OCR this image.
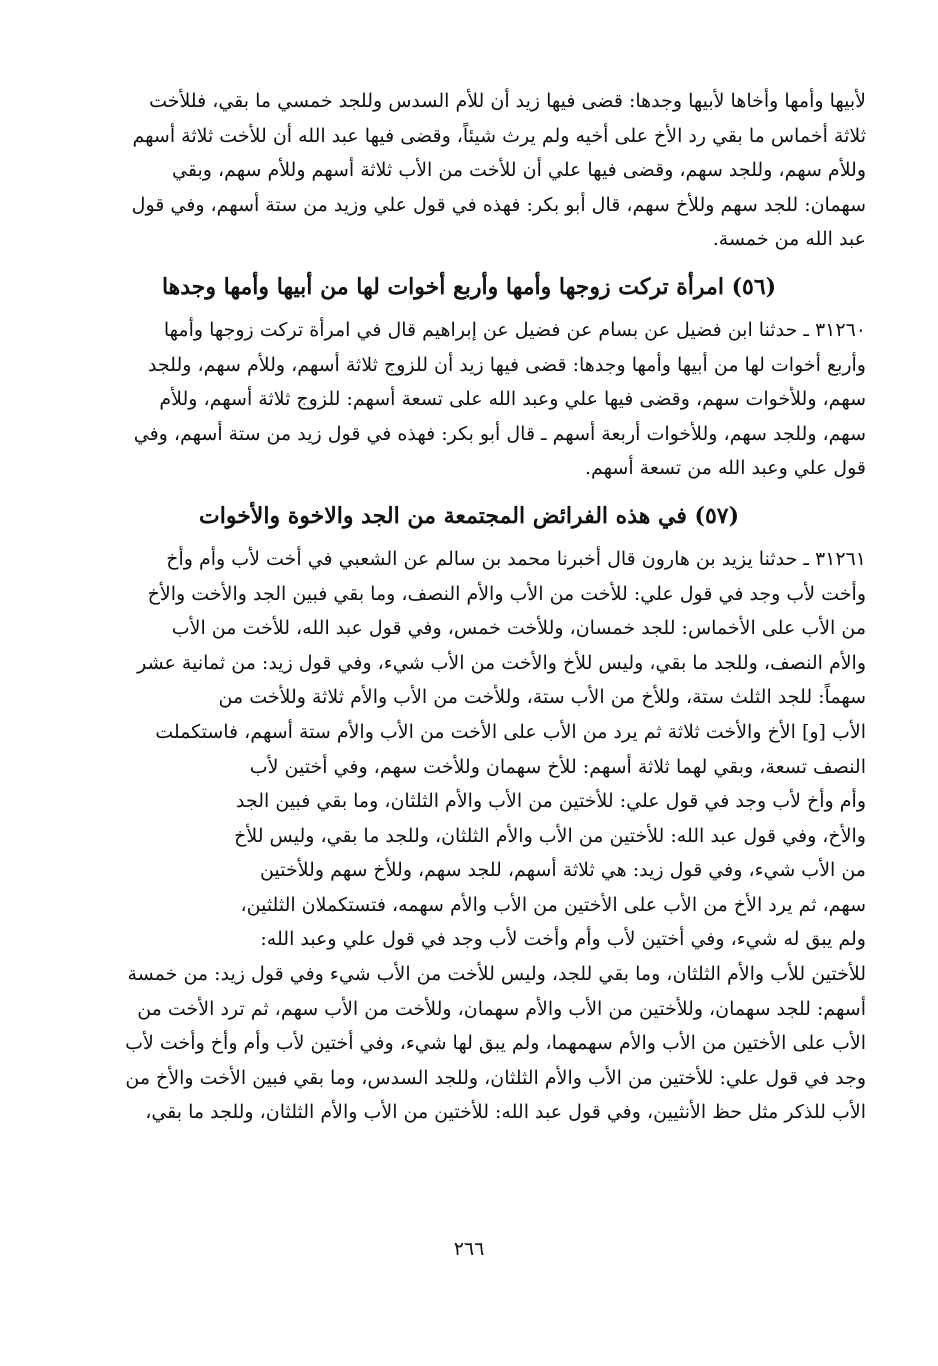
لأبيها وأمها وأخاها لأبيها وجدها: قضى فيها زيد أن للأم السدس وللجد خمسي ما بقي، فللأخت
ثلاثة أخماس ما بقي رد الأخ على أخيه ولم يرث شيئاً، وقضى فيها عبد الله أن للأخت ثلاثة أسهم
وللأم سهم، وللجد سهم، وقضى فيها علي أن للأخت من الأب ثلاثة أسهم وللأم سهم، وبقي
سهمان: للجد سهم وللأخ سهم، قال أبو بكر: فهذه في قول علي وزيد من ستة أسهم، وفي قول
عبد الله من خمسة.
(٥٦) امرأة تركت زوجها وأمها وأربع أخوات لها من أبيها وأمها وجدها
٣١٢٦٠ ـ حدثنا ابن فضيل عن بسام عن فضيل عن إبراهيم قال في امرأة تركت زوجها وأمها
وأربع أخوات لها من أبيها وأمها وجدها: قضى فيها زيد أن للزوج ثلاثة أسهم، وللأم سهم، وللجد
سهم، وللأخوات سهم، وقضى فيها علي وعبد الله على تسعة أسهم: للزوج ثلاثة أسهم، وللأم
سهم، وللجد سهم، وللأخوات أربعة أسهم ـ قال أبو بكر: فهذه في قول زيد من ستة أسهم، وفي
قول علي وعبد الله من تسعة أسهم.
(٥٧) في هذه الفرائض المجتمعة من الجد والاخوة والأخوات
٣١٢٦١ ـ حدثنا يزيد بن هارون قال أخبرنا محمد بن سالم عن الشعبي في أخت لأب وأم وأخ
وأخت لأب وجد في قول علي: للأخت من الأب والأم النصف، وما بقي فبين الجد والأخت والأخ
من الأب على الأخماس: للجد خمسان، وللأخت خمس، وفي قول عبد الله، للأخت من الأب
والأم النصف، وللجد ما بقي، وليس للأخ والأخت من الأب شيء، وفي قول زيد: من ثمانية عشر
سهماً: للجد الثلث ستة، وللأخ من الأب ستة، وللأخت من الأب والأم ثلاثة وللأخت من
الأب [و] الأخ والأخت ثلاثة ثم يرد من الأب على الأخت من الأب والأم ستة أسهم، فاستكملت
النصف تسعة، وبقي لهما ثلاثة أسهم: للأخ سهمان وللأخت سهم، وفي أختين لأب
وأم وأخ لأب وجد في قول علي: للأختين من الأب والأم الثلثان، وما بقي فبين الجد
والأخ، وفي قول عبد الله: للأختين من الأب والأم الثلثان، وللجد ما بقي، وليس للأخ
من الأب شيء، وفي قول زيد: هي ثلاثة أسهم، للجد سهم، وللأخ سهم وللأختين
سهم، ثم يرد الأخ من الأب على الأختين من الأب والأم سهمه، فتستكملان الثلثين،
ولم يبق له شيء، وفي أختين لأب وأم وأخت لأب وجد في قول علي وعبد الله:
للأختين للأب والأم الثلثان، وما بقي للجد، وليس للأخت من الأب شيء وفي قول زيد: من خمسة
أسهم: للجد سهمان، وللأختين من الأب والأم سهمان، وللأخت من الأب سهم، ثم ترد الأخت من
الأب على الأختين من الأب والأم سهمهما، ولم يبق لها شيء، وفي أختين لأب وأم وأخ وأخت لأب
وجد في قول علي: للأختين من الأب والأم الثلثان، وللجد السدس، وما بقي فبين الأخت والأخ من
الأب للذكر مثل حظ الأنثيين، وفي قول عبد الله: للأختين من الأب والأم الثلثان، وللجد ما بقي،
٢٦٦
